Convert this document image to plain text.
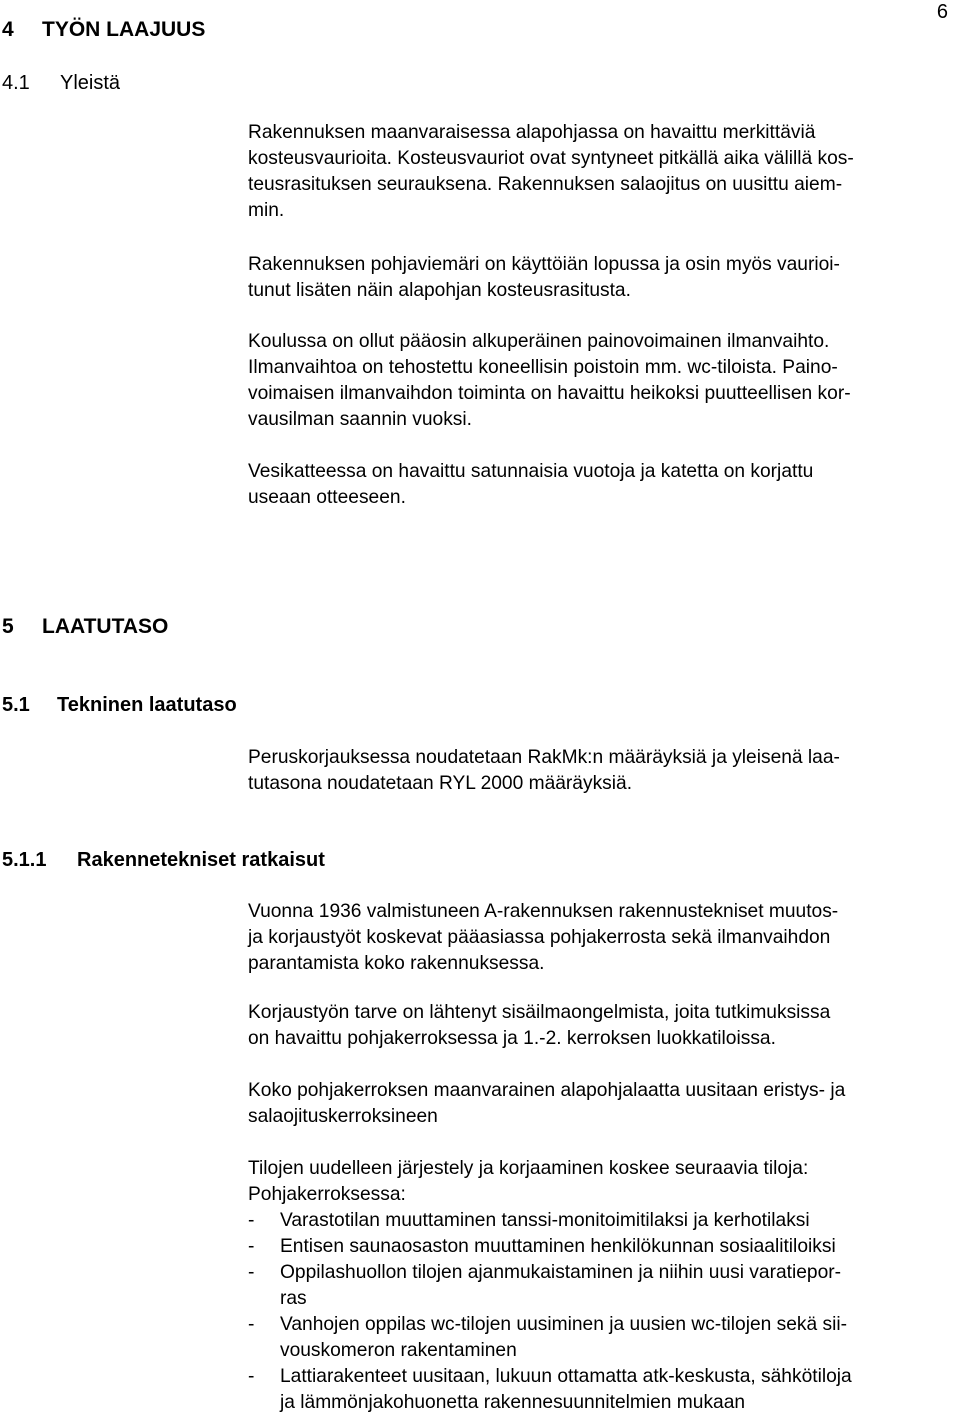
6
4 TYÖN LAAJUUS
4.1 Yleistä
Rakennuksen maanvaraisessa alapohjassa on havaittu merkittäviä
kosteusvaurioita. Kosteusvauriot ovat syntyneet pitkällä aika välillä kos-
teusrasituksen seurauksena. Rakennuksen salaojitus on uusittu aiem-
min.
Rakennuksen pohjaviemäri on käyttöiän lopussa ja osin myös vaurioi-
tunut lisäten näin alapohjan kosteusrasitusta.
Koulussa on ollut pääosin alkuperäinen painovoimainen ilmanvaihto.
Ilmanvaihtoa on tehostettu koneellisin poistoin mm. wc-tiloista. Paino-
voimaisen ilmanvaihdon toiminta on havaittu heikoksi puutteellisen kor-
vausilman saannin vuoksi.
Vesikatteessa on havaittu satunnaisia vuotoja ja katetta on korjattu
useaan otteeseen.
5 LAATUTASO
5.1 Tekninen laatutaso
Peruskorjauksessa noudatetaan RakMk:n määräyksiä ja yleisenä laa-
tutasona noudatetaan RYL 2000 määräyksiä.
5.1.1 Rakennetekniset ratkaisut
Vuonna 1936 valmistuneen A-rakennuksen rakennustekniset muutos-
ja korjaustyöt koskevat pääasiassa pohjakerrosta sekä ilmanvaihdon
parantamista koko rakennuksessa.
Korjaustyön tarve on lähtenyt sisäilmaongelmista, joita tutkimuksissa
on havaittu pohjakerroksessa ja 1.-2. kerroksen luokkatiloissa.
Koko pohjakerroksen maanvarainen alapohjalaatta uusitaan eristys- ja
salaojituskerroksineen
Tilojen uudelleen järjestely ja korjaaminen koskee seuraavia tiloja:
Pohjakerroksessa:
- Varastotilan muuttaminen tanssi-monitoimitilaksi ja kerhotilaksi
- Entisen saunaosaston muuttaminen henkilökunnan sosiaalitiloiksi
- Oppilashuollon tilojen ajanmukaistaminen ja niihin uusi varatiepor-
ras
- Vanhojen oppilas wc-tilojen uusiminen ja uusien wc-tilojen sekä sii-
vouskomeron rakentaminen
- Lattiarakenteet uusitaan, lukuun ottamatta atk-keskusta, sähkötiloja
ja lämmönjakohuonetta rakennesuunnitelmien mukaan
